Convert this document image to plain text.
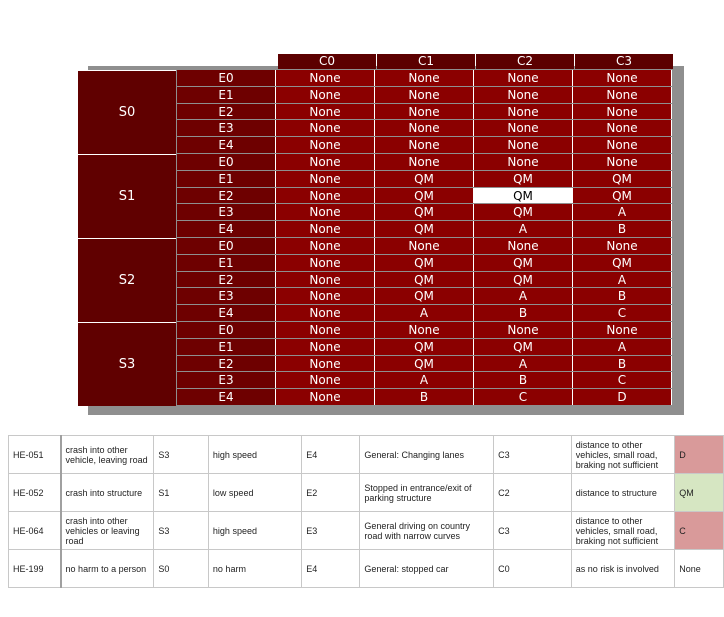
C0	C1	C2	C3
S0
E0	None	None	None	None
E1	None	None	None	None
E2	None	None	None	None
E3	None	None	None	None
E4	None	None	None	None
S1
E0	None	None	None	None
E1	None	QM	QM	QM
E2	None	QM	QM	QM
E3	None	QM	QM	A
E4	None	QM	A	B
S2
E0	None	None	None	None
E1	None	QM	QM	QM
E2	None	QM	QM	A
E3	None	QM	A	B
E4	None	A	B	C
S3
E0	None	None	None	None
E1	None	QM	QM	A
E2	None	QM	A	B
E3	None	A	B	C
E4	None	B	C	D
HE-051	crash into other vehicle, leaving road	S3	high speed	E4	General: Changing lanes	C3	distance to other vehicles, small road, braking not sufficient	D
HE-052	crash into structure	S1	low speed	E2	Stopped in entrance/exit of parking structure	C2	distance to structure	QM
HE-064	crash into other vehicles or leaving road	S3	high speed	E3	General driving on country road with narrow curves	C3	distance to other vehicles, small road, braking not sufficient	C
HE-199	no harm to a person	S0	no harm	E4	General: stopped car	C0	as no risk is involved	None
